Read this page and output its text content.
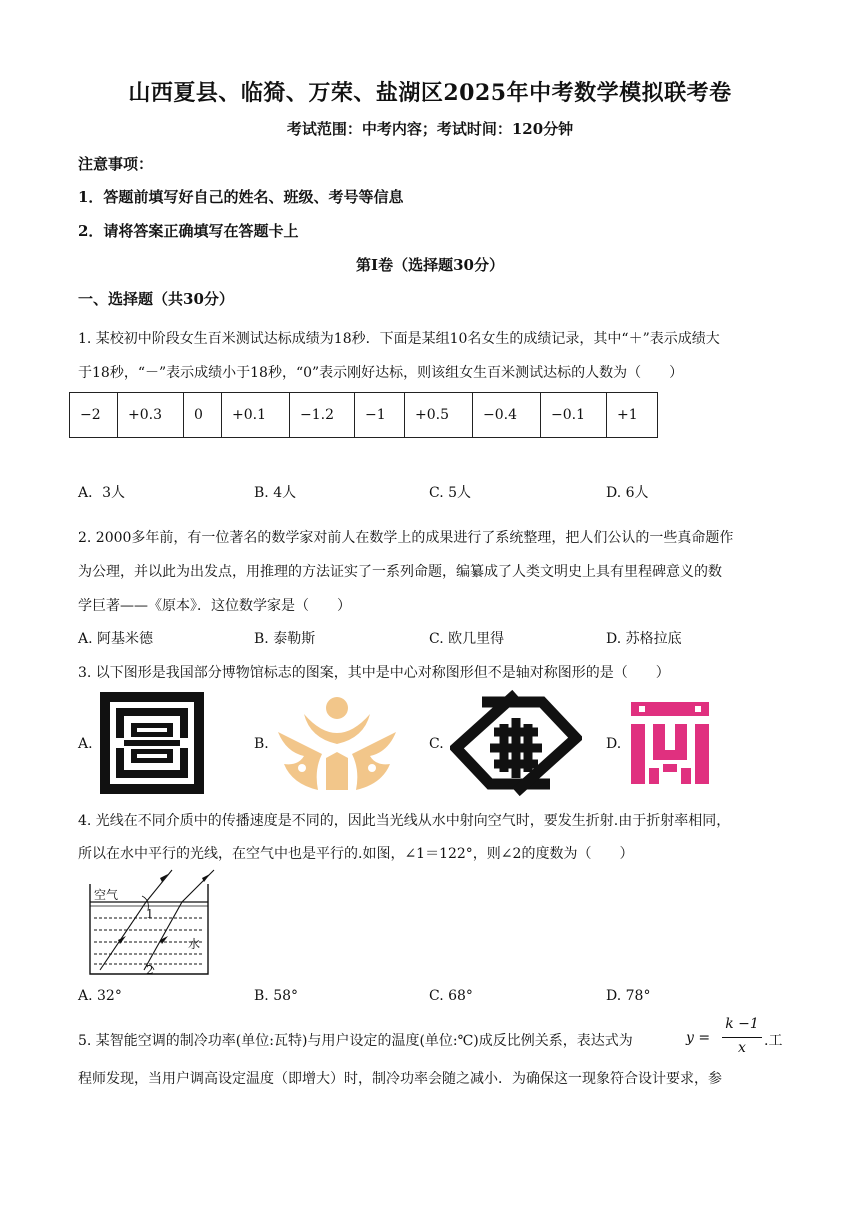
山西夏县、临猗、万荣、盐湖区2025年中考数学模拟联考卷
考试范围：中考内容；考试时间：120分钟
注意事项：
1．答题前填写好自己的姓名、班级、考号等信息
2．请将答案正确填写在答题卡上
第I卷（选择题30分）
一、选择题（共30分）
1. 某校初中阶段女生百米测试达标成绩为18秒．下面是某组10名女生的成绩记录，其中“＋”表示成绩大
于18秒，“－”表示成绩小于18秒，“0”表示刚好达标，则该组女生百米测试达标的人数为（　　）
−2	+0.3	0	+0.1	−1.2	−1	+0.5	−0.4	−0.1	+1
A．3人	B. 4人	C. 5人	D. 6人
2. 2000多年前，有一位著名的数学家对前人在数学上的成果进行了系统整理，把人们公认的一些真命题作
为公理，并以此为出发点，用推理的方法证实了一系列命题，编纂成了人类文明史上具有里程碑意义的数
学巨著——《原本》．这位数学家是（　　）
A. 阿基米德	B. 泰勒斯	C. 欧几里得	D. 苏格拉底
3. 以下图形是我国部分博物馆标志的图案，其中是中心对称图形但不是轴对称图形的是（　　）
A.	B.	C.	D.
4. 光线在不同介质中的传播速度是不同的，因此当光线从水中射向空气时，要发生折射.由于折射率相同，
所以在水中平行的光线，在空气中也是平行的.如图，∠1＝122°，则∠2的度数为（　　）
空气
水
1
2
A. 32°	B. 58°	C. 68°	D. 78°
5. 某智能空调的制冷功率(单位:瓦特)与用户设定的温度(单位:℃)成反比例关系，表达式为	y =
k −1
x	.工
程师发现，当用户调高设定温度（即增大）时，制冷功率会随之减小．为确保这一现象符合设计要求，参
